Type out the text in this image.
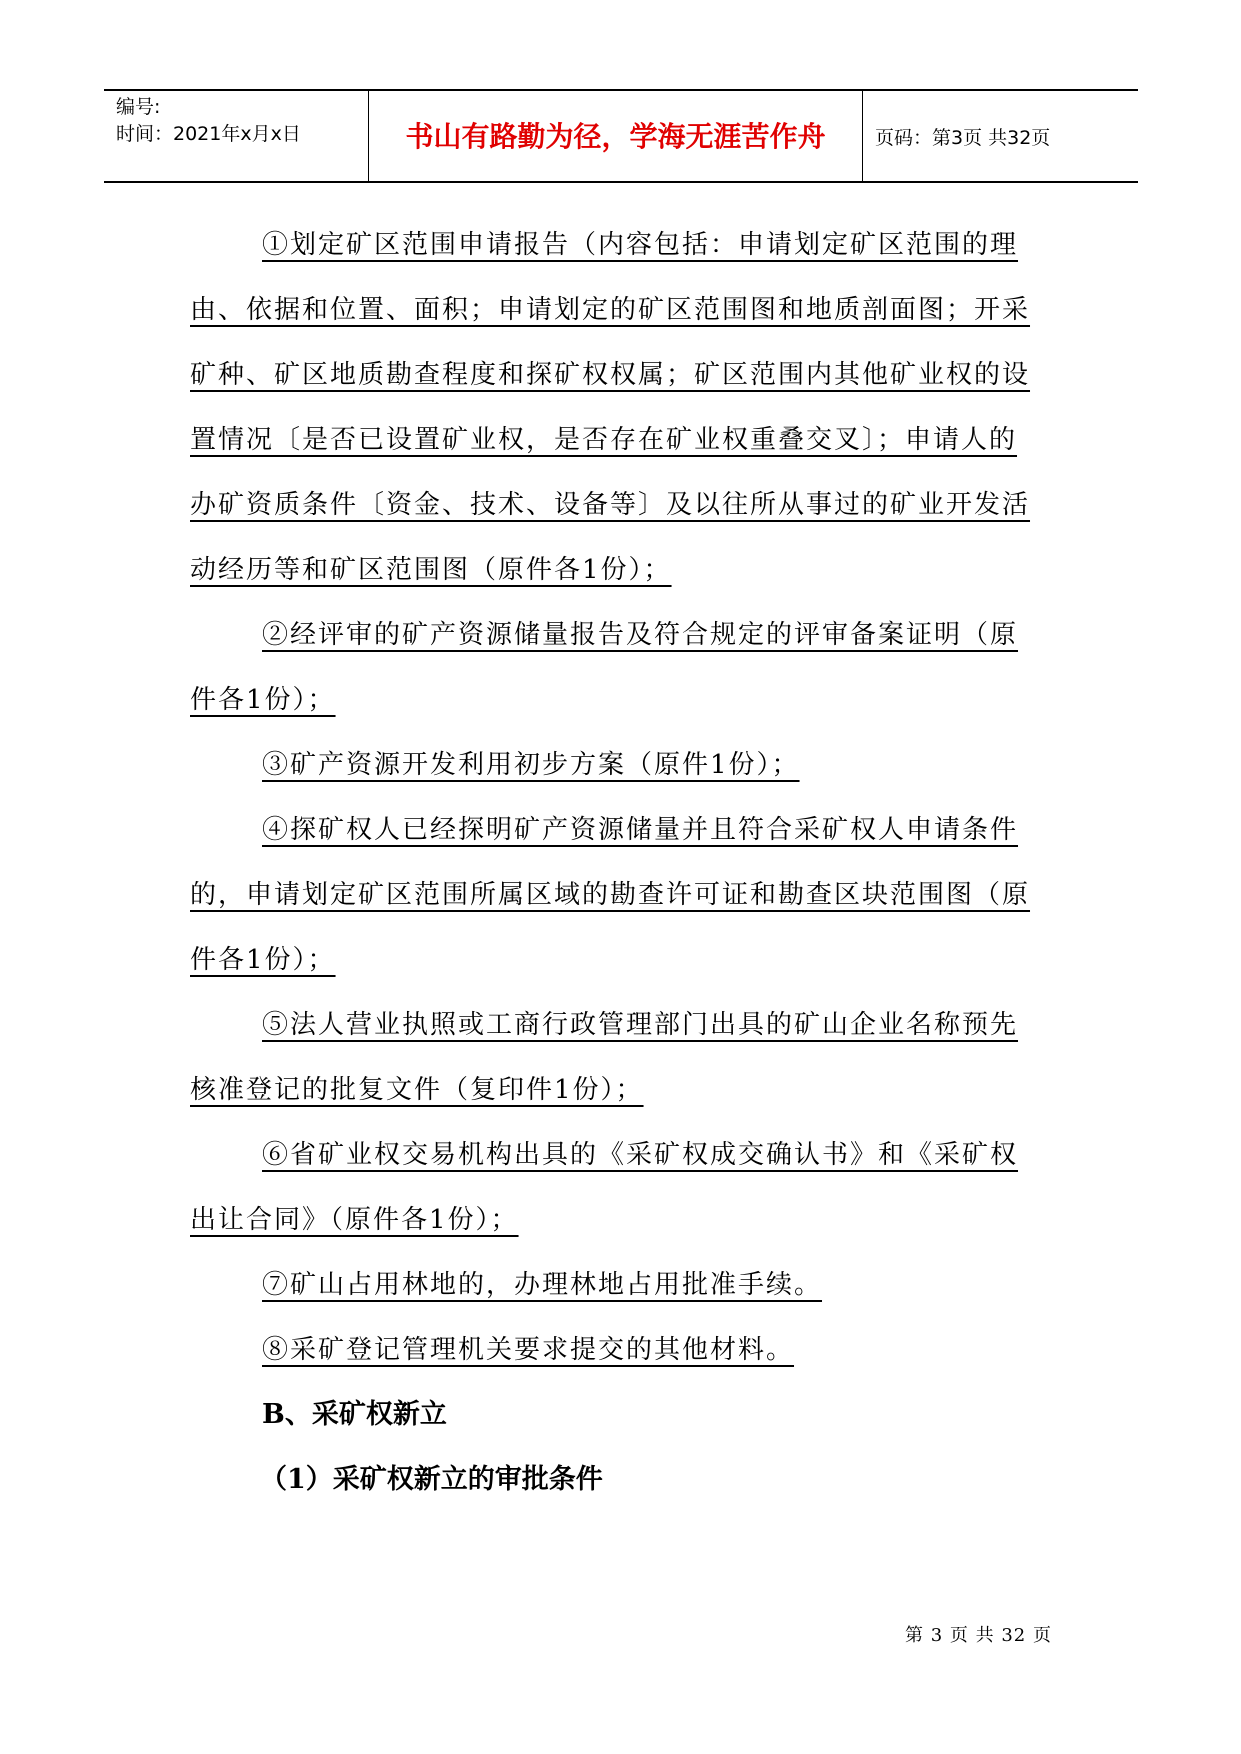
编号:
时间：2021年x月x日	书山有路勤为径，学海无涯苦作舟	页码：第3页 共32页
①划定矿区范围申请报告（内容包括：申请划定矿区范围的理
由、依据和位置、面积；申请划定的矿区范围图和地质剖面图；开采
矿种、矿区地质勘查程度和探矿权权属；矿区范围内其他矿业权的设
置情况〔是否已设置矿业权，是否存在矿业权重叠交叉〕；申请人的
办矿资质条件〔资金、技术、设备等〕及以往所从事过的矿业开发活
动经历等和矿区范围图（原件各1份）；
②经评审的矿产资源储量报告及符合规定的评审备案证明（原
件各1份）；
③矿产资源开发利用初步方案（原件1份）；
④探矿权人已经探明矿产资源储量并且符合采矿权人申请条件
的，申请划定矿区范围所属区域的勘查许可证和勘查区块范围图（原
件各1份）；
⑤法人营业执照或工商行政管理部门出具的矿山企业名称预先
核准登记的批复文件（复印件1份）；
⑥省矿业权交易机构出具的《采矿权成交确认书》和《采矿权
出让合同》（原件各1份）；
⑦矿山占用林地的，办理林地占用批准手续。
⑧采矿登记管理机关要求提交的其他材料。
B、采矿权新立
（1）采矿权新立的审批条件
第 3 页 共 32 页
